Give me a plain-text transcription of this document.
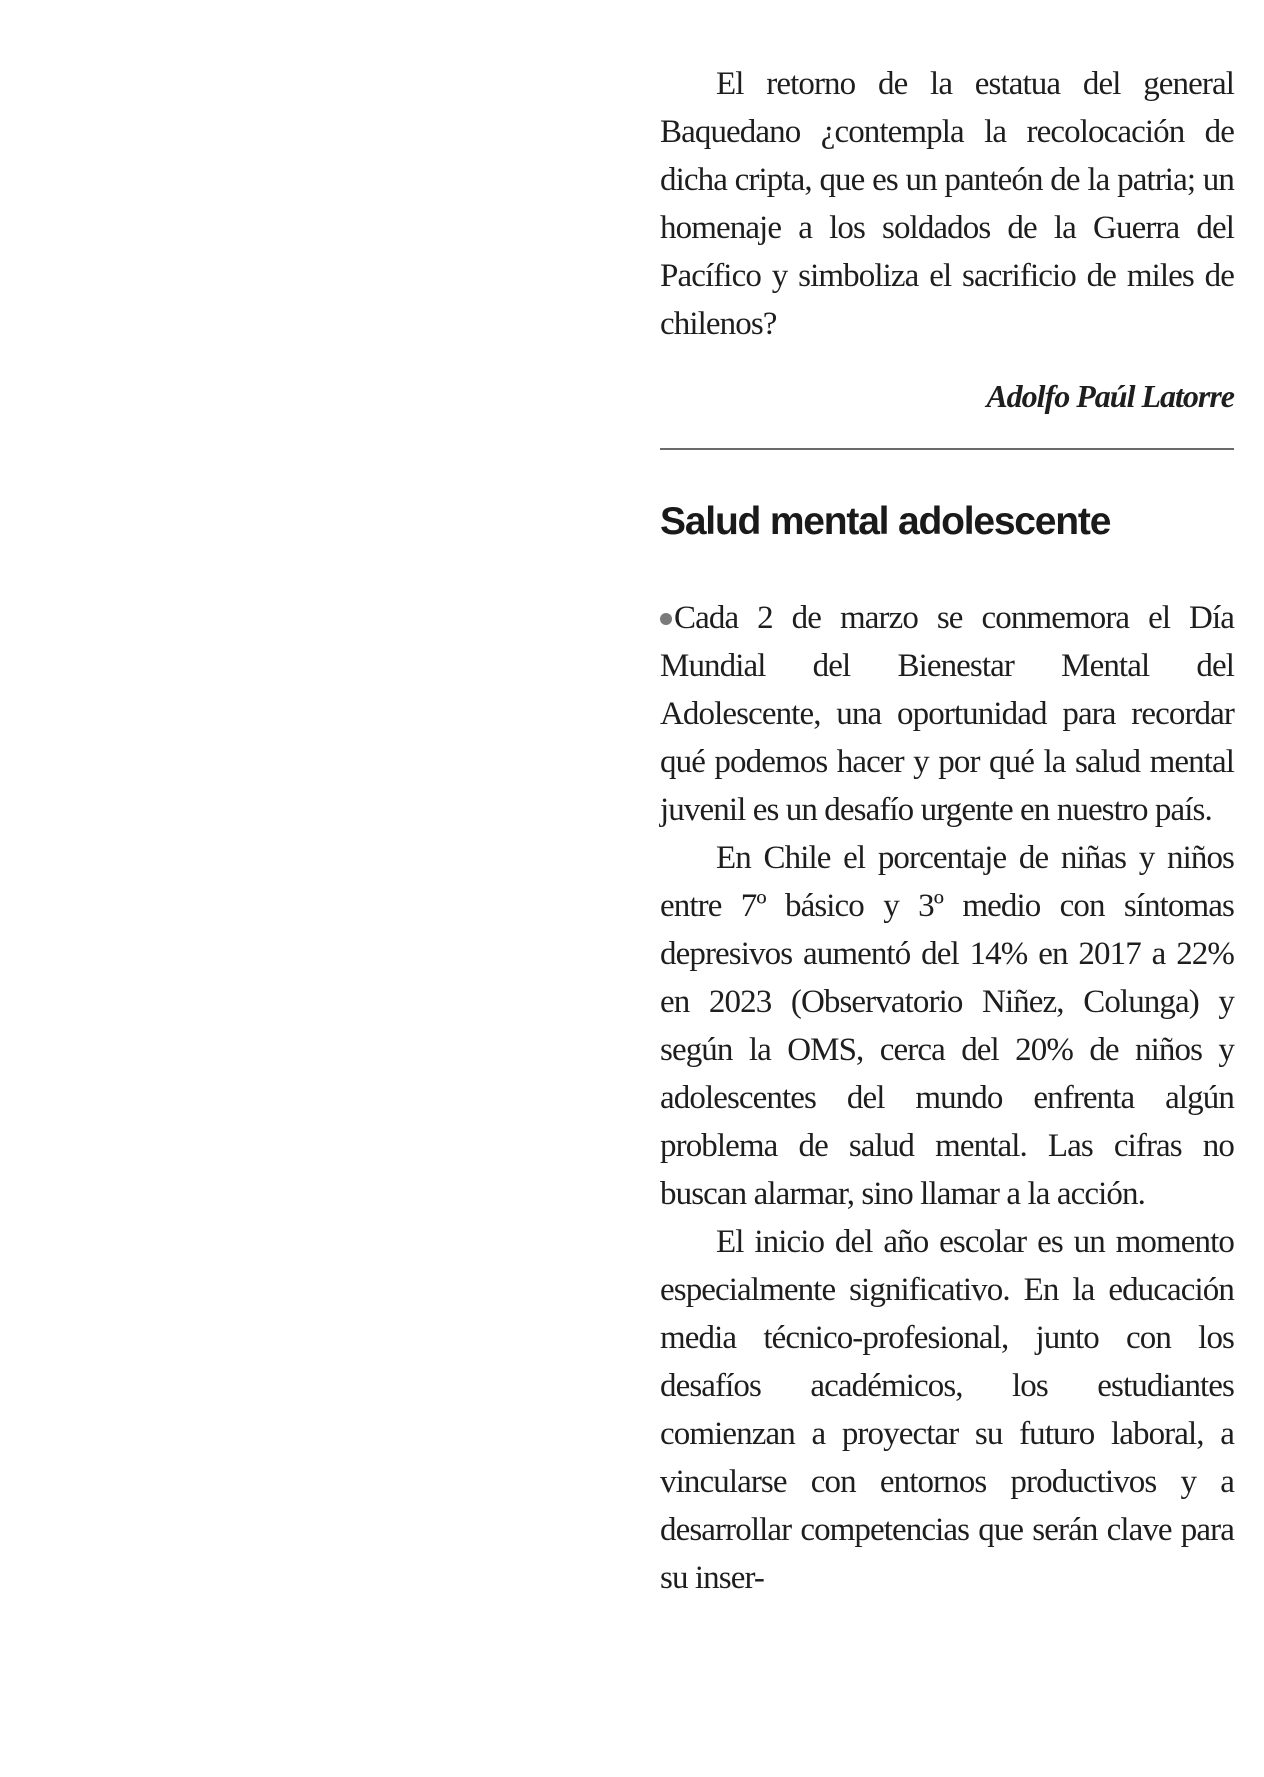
El retorno de la estatua del general Baquedano ¿contempla la recolocación de dicha cripta, que es un panteón de la patria; un homenaje a los soldados de la Guerra del Pacífico y simboliza el sacrificio de miles de chilenos?

Adolfo Paúl Latorre

Salud mental adolescente

Cada 2 de marzo se conmemora el Día Mundial del Bienestar Mental del Adolescente, una oportunidad para recordar qué podemos hacer y por qué la salud mental juvenil es un desafío urgente en nuestro país.

En Chile el porcentaje de niñas y niños entre 7º básico y 3º medio con síntomas depresivos aumentó del 14% en 2017 a 22% en 2023 (Observatorio Niñez, Colunga) y según la OMS, cerca del 20% de niños y adolescentes del mundo enfrenta algún problema de salud mental. Las cifras no buscan alarmar, sino llamar a la acción.

El inicio del año escolar es un momento especialmente significativo. En la educación media técnico-profesional, junto con los desafíos académicos, los estudiantes comienzan a proyectar su futuro laboral, a vincularse con entornos productivos y a desarrollar competencias que serán clave para su inser-
